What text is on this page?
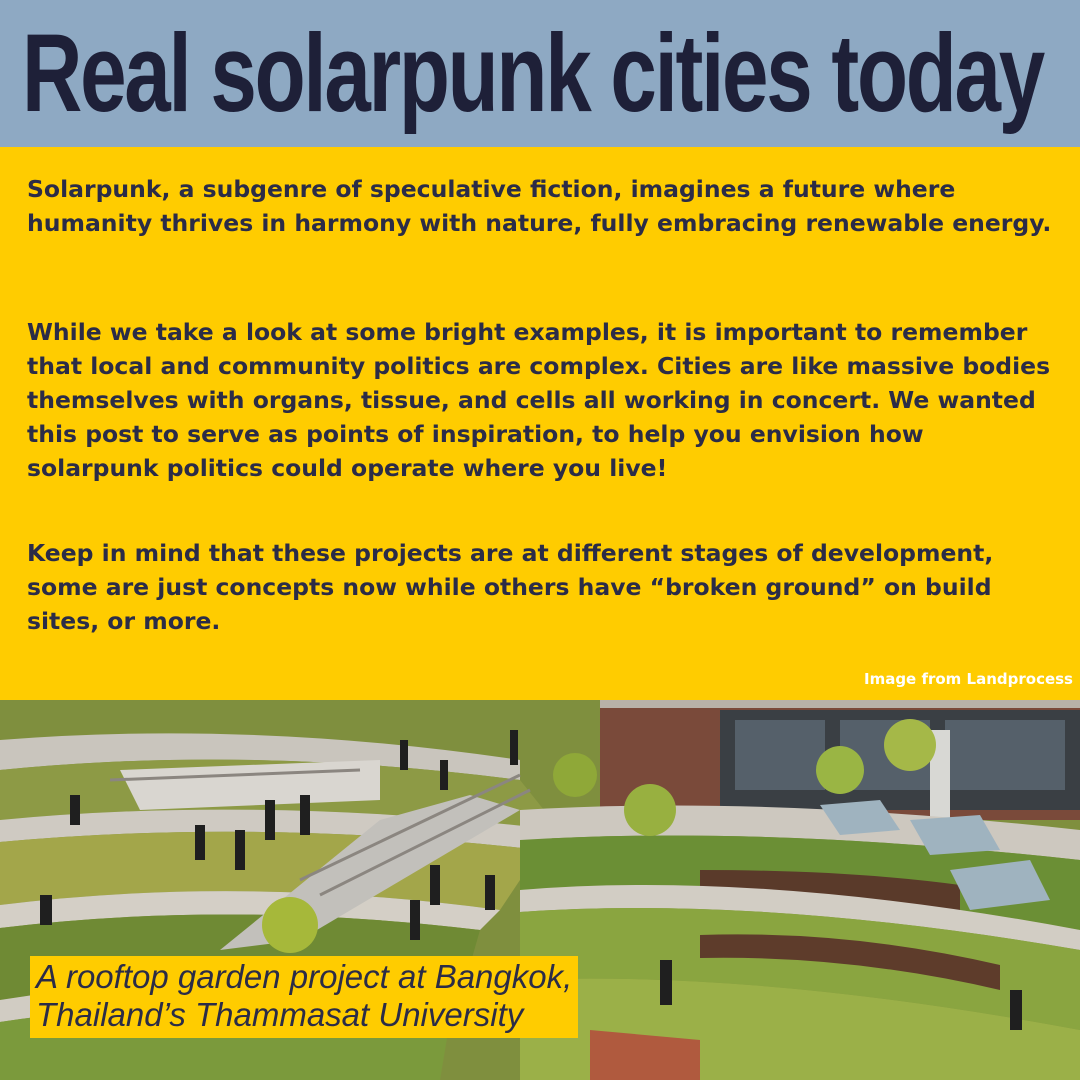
Real solarpunk cities today

Solarpunk, a subgenre of speculative fiction, imagines a future where humanity thrives in harmony with nature, fully embracing renewable energy.

While we take a look at some bright examples, it is important to remember that local and community politics are complex. Cities are like massive bodies themselves with organs, tissue, and cells all working in concert. We wanted this post to serve as points of inspiration, to help you envision how solarpunk politics could operate where you live!

Keep in mind that these projects are at different stages of development, some are just concepts now while others have “broken ground” on build sites, or more.

Image from Landprocess

A rooftop garden project at Bangkok,
Thailand’s Thammasat University
